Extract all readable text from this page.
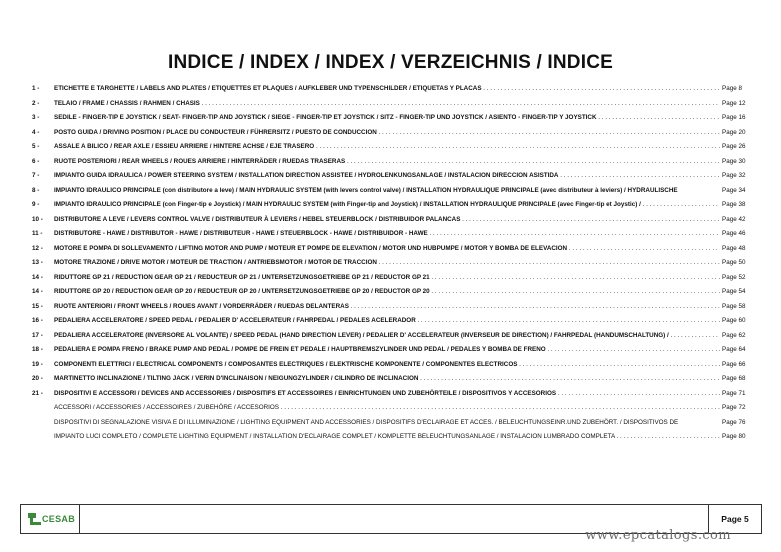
INDICE / INDEX / INDEX / VERZEICHNIS / INDICE
1 -	ETICHETTE E TARGHETTE / LABELS AND PLATES / ETIQUETTES ET PLAQUES / AUFKLEBER UND TYPENSCHILDER / ETIQUETAS Y PLACAS . . .	Page 8
2 -	TELAIO / FRAME / CHASSIS / RAHMEN / CHASIS . . .	Page 12
3 -	SEDILE - FINGER-TIP E JOYSTICK / SEAT- FINGER-TIP AND JOYSTICK / SIEGE - FINGER-TIP ET JOYSTICK / SITZ - FINGER-TIP UND JOYSTICK / ASIENTO - FINGER-TIP Y JOYSTICK . . .	Page 16
4 -	POSTO GUIDA / DRIVING POSITION / PLACE DU CONDUCTEUR / FÜHRERSITZ / PUESTO DE CONDUCCION . . .	Page 20
5 -	ASSALE A BILICO / REAR AXLE / ESSIEU ARRIERE / HINTERE ACHSE / EJE TRASERO . . .	Page 26
6 -	RUOTE POSTERIORI / REAR WHEELS / ROUES ARRIERE / HINTERRÄDER / RUEDAS TRASERAS . . .	Page 30
7 -	IMPIANTO GUIDA IDRAULICA / POWER STEERING SYSTEM / INSTALLATION DIRECTION ASSISTEE / HYDROLENKUNGSANLAGE / INSTALACION DIRECCION ASISTIDA . . .	Page 32
8 -	IMPIANTO IDRAULICO PRINCIPALE (con distributore a leve) / MAIN HYDRAULIC SYSTEM (with levers control valve) / INSTALLATION HYDRAULIQUE PRINCIPALE (avec distributeur à leviers) / HYDRAULISCHE	Page 34
9 -	IMPIANTO IDRAULICO PRINCIPALE (con Finger-tip e Joystick) / MAIN HYDRAULIC SYSTEM (with Finger-tip and Joystick) / INSTALLATION HYDRAULIQUE PRINCIPALE (avec Finger-tip et Joystic) / . . .	Page 38
10 -	DISTRIBUTORE A LEVE / LEVERS CONTROL VALVE / DISTRIBUTEUR À LEVIERS / HEBEL STEUERBLOCK / DISTRIBUIDOR PALANCAS . . .	Page 42
11 -	DISTRIBUTORE - HAWE / DISTRIBUTOR - HAWE / DISTRIBUTEUR - HAWE / STEUERBLOCK - HAWE / DISTRIBUIDOR - HAWE . . .	Page 46
12 -	MOTORE E POMPA DI SOLLEVAMENTO / LIFTING MOTOR AND PUMP / MOTEUR ET POMPE DE ELEVATION / MOTOR UND HUBPUMPE / MOTOR Y BOMBA DE ELEVACION . . .	Page 48
13 -	MOTORE TRAZIONE / DRIVE MOTOR / MOTEUR DE TRACTION / ANTRIEBSMOTOR / MOTOR DE TRACCION . . .	Page 50
14 -	RIDUTTORE GP 21 / REDUCTION GEAR GP 21 / REDUCTEUR GP 21 / UNTERSETZUNGSGETRIEBE GP 21 / REDUCTOR GP 21 . . .	Page 52
14 -	RIDUTTORE GP 20 / REDUCTION GEAR GP 20 / REDUCTEUR GP 20 / UNTERSETZUNGSGETRIEBE GP 20 / REDUCTOR GP 20 . . .	Page 54
15 -	RUOTE ANTERIORI / FRONT WHEELS / ROUES AVANT / VORDERRÄDER / RUEDAS DELANTERAS . . .	Page 58
16 -	PEDALIERA ACCELERATORE / SPEED PEDAL / PEDALIER D' ACCELERATEUR / FAHRPEDAL / PEDALES ACELERADOR . . .	Page 60
17 -	PEDALIERA ACCELERATORE (INVERSORE AL VOLANTE) / SPEED PEDAL (HAND DIRECTION LEVER) / PEDALIER D' ACCELERATEUR (INVERSEUR DE DIRECTION) / FAHRPEDAL (HANDUMSCHALTUNG) / . . .	Page 62
18 -	PEDALIERA E POMPA FRENO / BRAKE PUMP AND PEDAL / POMPE DE FREIN ET PEDALE / HAUPTBREMSZYLINDER UND PEDAL / PEDALES Y BOMBA DE FRENO . . .	Page 64
19 -	COMPONENTI ELETTRICI / ELECTRICAL COMPONENTS / COMPOSANTES ELECTRIQUES / ELEKTRISCHE KOMPONENTE / COMPONENTES ELECTRICOS . . .	Page 66
20 -	MARTINETTO INCLINAZIONE / TILTING JACK / VERIN D'INCLINAISON / NEIGUNGZYLINDER / CILINDRO DE INCLINACION . . .	Page 68
21 -	DISPOSITIVI E ACCESSORI / DEVICES AND ACCESSORIES / DISPOSITIFS ET ACCESSOIRES / EINRICHTUNGEN UND ZUBEHÖRTEILE / DISPOSITIVOS Y ACCESORIOS . . .	Page 71
ACCESSORI / ACCESSORIES / ACCESSOIRES / ZUBEHÖRE / ACCESORIOS . . .	Page 72
DISPOSITIVI DI SEGNALAZIONE VISIVA E DI ILLUMINAZIONE / LIGHTING EQUIPMENT AND ACCESSORIES / DISPOSITIFS D'ECLAIRAGE ET ACCES. / BELEUCHTUNGSEINR.UND ZUBEHÖRT. / DISPOSITIVOS DE	Page 76
IMPIANTO LUCI COMPLETO / COMPLETE LIGHTING EQUIPMENT / INSTALLATION D'ECLAIRAGE COMPLET / KOMPLETTE BELEUCHTUNGSANLAGE / INSTALACION LUMBRADO COMPLETA . . .	Page 80
CESAB	Page 5
www.epcatalogs.com
